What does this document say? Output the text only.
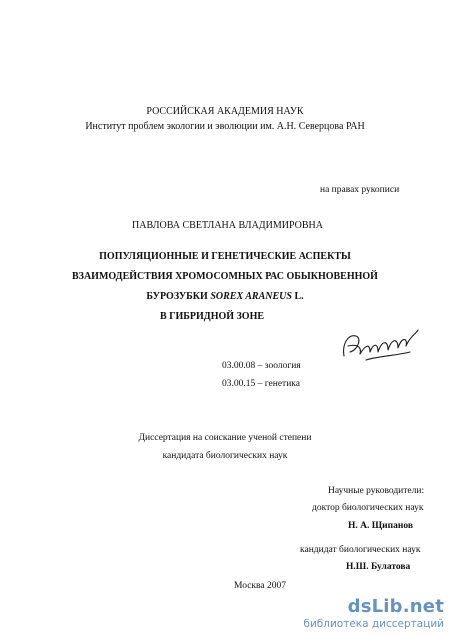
РОССИЙСКАЯ АКАДЕМИЯ НАУК
Институт проблем экологии и эволюции им. А.Н. Северцова РАН
на правах рукописи
ПАВЛОВА СВЕТЛАНА ВЛАДИМИРОВНА
ПОПУЛЯЦИОННЫЕ И ГЕНЕТИЧЕСКИЕ АСПЕКТЫ
ВЗАИМОДЕЙСТВИЯ ХРОМОСОМНЫХ РАС ОБЫКНОВЕННОЙ
БУРОЗУБКИ SOREX ARANEUS L.
В ГИБРИДНОЙ ЗОНЕ
03.00.08 – зоология
03.00.15 – генетика
Диссертация на соискание ученой степени
кандидата биологических наук
Научные руководители:
доктор биологических наук
Н. А. Щипанов
кандидат биологических наук
Н.Ш. Булатова
Москва 2007
dsLib.net
библиотека диссертаций
